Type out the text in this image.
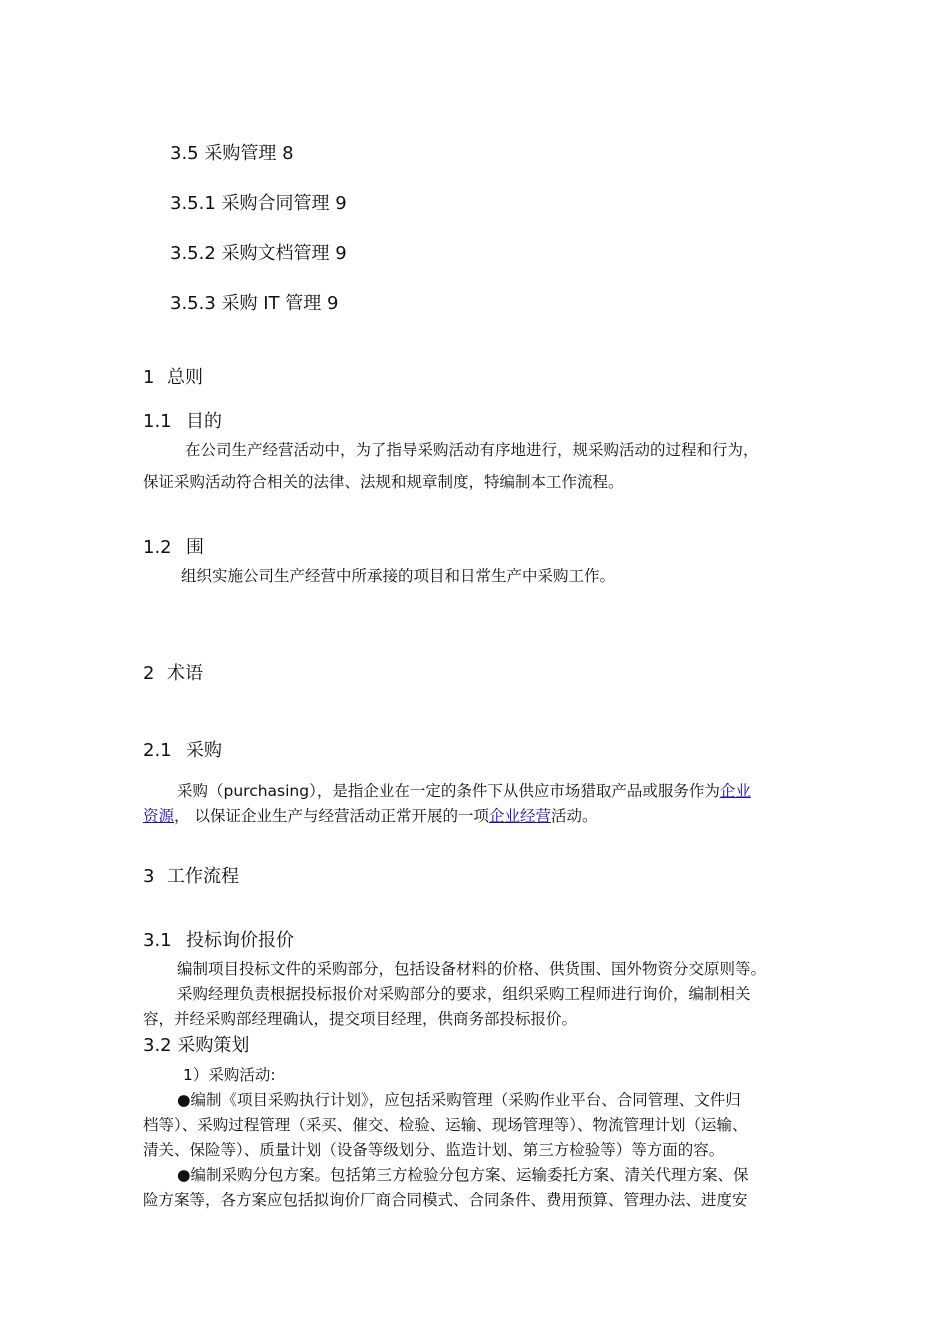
3.5 采购管理 8
3.5.1 采购合同管理 9
3.5.2 采购文档管理 9
3.5.3 采购 IT 管理 9
1 总则
1.1 目的
在公司生产经营活动中，为了指导采购活动有序地进行，规采购活动的过程和行为，
保证采购活动符合相关的法律、法规和规章制度，特编制本工作流程。
1.2 围
组织实施公司生产经营中所承接的项目和日常生产中采购工作。
2 术语
2.1 采购
采购（purchasing），是指企业在一定的条件下从供应市场猎取产品或服务作为企业
资源， 以保证企业生产与经营活动正常开展的一项企业经营活动。
3 工作流程
3.1 投标询价报价
编制项目投标文件的采购部分，包括设备材料的价格、供货围、国外物资分交原则等。
采购经理负责根据投标报价对采购部分的要求，组织采购工程师进行询价，编制相关
容，并经采购部经理确认，提交项目经理，供商务部投标报价。
3.2 采购策划
1）采购活动:
●编制《项目采购执行计划》，应包括采购管理（采购作业平台、合同管理、文件归
档等）、采购过程管理（采买、催交、检验、运输、现场管理等）、物流管理计划（运输、
清关、保险等）、质量计划（设备等级划分、监造计划、第三方检验等）等方面的容。
●编制采购分包方案。包括第三方检验分包方案、运输委托方案、清关代理方案、保
险方案等，各方案应包括拟询价厂商合同模式、合同条件、费用预算、管理办法、进度安
